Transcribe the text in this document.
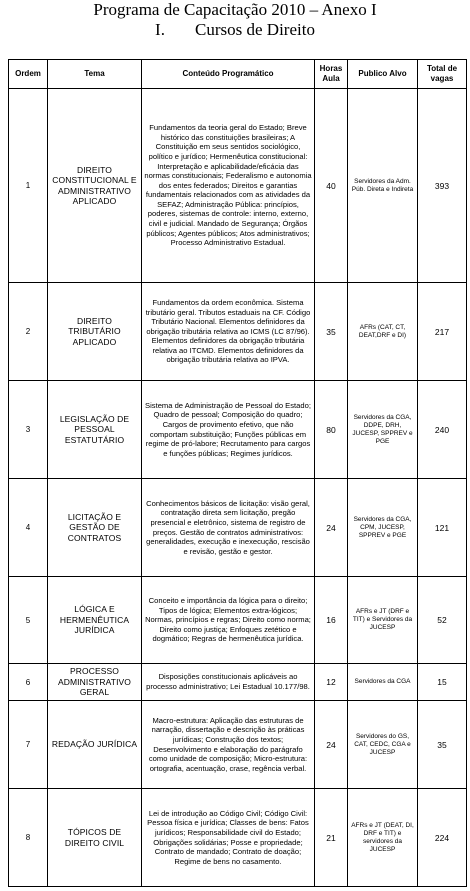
Programa de Capacitação 2010 – Anexo I
I. Cursos de Direito
Ordem	Tema	Conteúdo Programático	Horas Aula	Publico Alvo	Total de vagas
1	DIREITO CONSTITUCIONAL E ADMINISTRATIVO APLICADO	Fundamentos da teoria geral do Estado; Breve histórico das constituições brasileiras; A Constituição em seus sentidos sociológico, político e jurídico; Hermenêutica constitucional: Interpretação e aplicabilidade/eficácia das normas constitucionais; Federalismo e autonomia dos entes federados; Direitos e garantias fundamentais relacionados com as atividades da SEFAZ; Administração Pública: princípios, poderes, sistemas de controle: interno, externo, civil e judicial. Mandado de Segurança; Órgãos públicos; Agentes públicos; Atos administrativos; Processo Administrativo Estadual.	40	Servidores da Adm. Púb. Direta e Indireta	393
2	DIREITO TRIBUTÁRIO APLICADO	Fundamentos da ordem econômica. Sistema tributário geral. Tributos estaduais na CF. Código Tributário Nacional. Elementos definidores da obrigação tributária relativa ao ICMS (LC 87/96). Elementos definidores da obrigação tributária relativa ao ITCMD. Elementos definidores da obrigação tributária relativa ao IPVA.	35	AFRs (CAT, CT, DEAT,DRF e DI)	217
3	LEGISLAÇÃO DE PESSOAL ESTATUTÁRIO	Sistema de Administração de Pessoal do Estado; Quadro de pessoal; Composição do quadro; Cargos de provimento efetivo, que não comportam substituição; Funções públicas em regime de pró-labore; Recrutamento para cargos e funções públicas; Regimes jurídicos.	80	Servidores da CGA, DDPE, DRH, JUCESP, SPPREV e PGE	240
4	LICITAÇÃO E GESTÃO DE CONTRATOS	Conhecimentos básicos de licitação: visão geral, contratação direta sem licitação, pregão presencial e eletrônico, sistema de registro de preços. Gestão de contratos administrativos: generalidades, execução e inexecução, rescisão e revisão, gestão e gestor.	24	Servidores da CGA, CPM, JUCESP, SPPREV e PGE	121
5	LÓGICA E HERMENÊUTICA JURÍDICA	Conceito e importância da lógica para o direito; Tipos de lógica; Elementos extra-lógicos; Normas, princípios e regras; Direito como norma; Direito como justiça; Enfoques zetético e dogmático; Regras de hermenêutica jurídica.	16	AFRs e JT (DRF e TIT) e Servidores da JUCESP	52
6	PROCESSO ADMINISTRATIVO GERAL	Disposições constitucionais aplicáveis ao processo administrativo; Lei Estadual 10.177/98.	12	Servidores da CGA	15
7	REDAÇÃO JURÍDICA	Macro-estrutura: Aplicação das estruturas de narração, dissertação e descrição às práticas jurídicas; Construção dos textos; Desenvolvimento e elaboração do parágrafo como unidade de composição; Micro-estrutura: ortografia, acentuação, crase, regência verbal.	24	Servidores do GS, CAT, CEDC, CGA e JUCESP	35
8	TÓPICOS DE DIREITO CIVIL	Lei de introdução ao Código Civil; Código Civil: Pessoa física e jurídica; Classes de bens: Fatos jurídicos; Responsabilidade civil do Estado; Obrigações solidárias; Posse e propriedade; Contrato de mandado; Contrato de doação; Regime de bens no casamento.	21	AFRs e JT (DEAT, DI, DRF e TIT) e servidores da JUCESP	224
